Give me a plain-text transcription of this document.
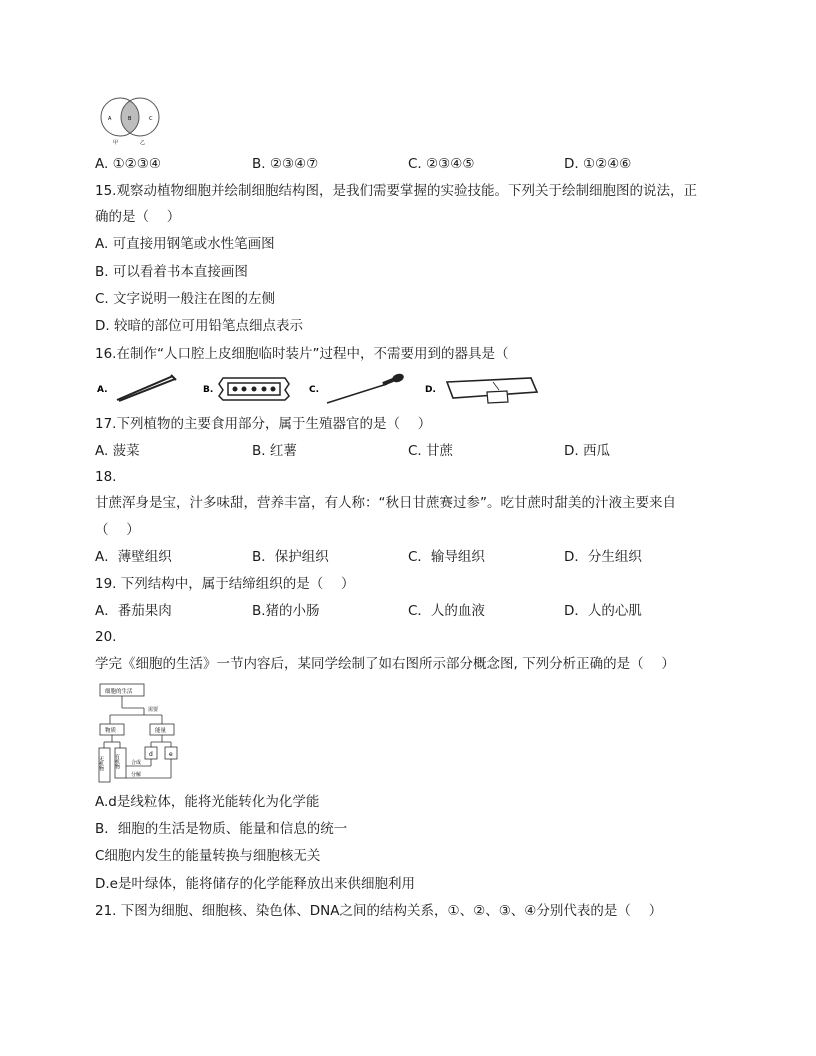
A	B	C
甲	乙
A. ①②③④	B. ②③④⑦	C. ②③④⑤	D. ①②④⑥
15.观察动植物细胞并绘制细胞结构图，是我们需要掌握的实验技能。下列关于绘制细胞图的说法，正
确的是（　 ）
A. 可直接用钢笔或水性笔画图
B. 可以看着书本直接画图
C. 文字说明一般注在图的左侧
D. 较暗的部位可用铅笔点细点表示
16.在制作“人口腔上皮细胞临时装片”过程中，不需要用到的器具是（
A.	B.	C.	D.
17.下列植物的主要食用部分，属于生殖器官的是（　 ）
A. 菠菜	B. 红薯	C. 甘蔗	D. 西瓜
18.
甘蔗浑身是宝，汁多味甜，营养丰富，有人称：“秋日甘蔗赛过参”。吃甘蔗时甜美的汁液主要来自
（　 ）
A．薄壁组织	B．保护组织	C．输导组织	D．分生组织
19. 下列结构中，属于结缔组织的是（　 ）
A．番茄果肉	B.猪的小肠	C．人的血液	D．人的心肌
20.
学完《细胞的生活》一节内容后，某同学绘制了如右图所示部分概念图, 下列分析正确的是（　 ）
细胞的生活
需要
物质	能量
无机物 有机物	d	e
合成
分解
A.d是线粒体，能将光能转化为化学能
B．细胞的生活是物质、能量和信息的统一
C细胞内发生的能量转换与细胞核无关
D.e是叶绿体，能将储存的化学能释放出来供细胞利用
21. 下图为细胞、细胞核、染色体、DNA之间的结构关系，①、②、③、④分别代表的是（　 ）
